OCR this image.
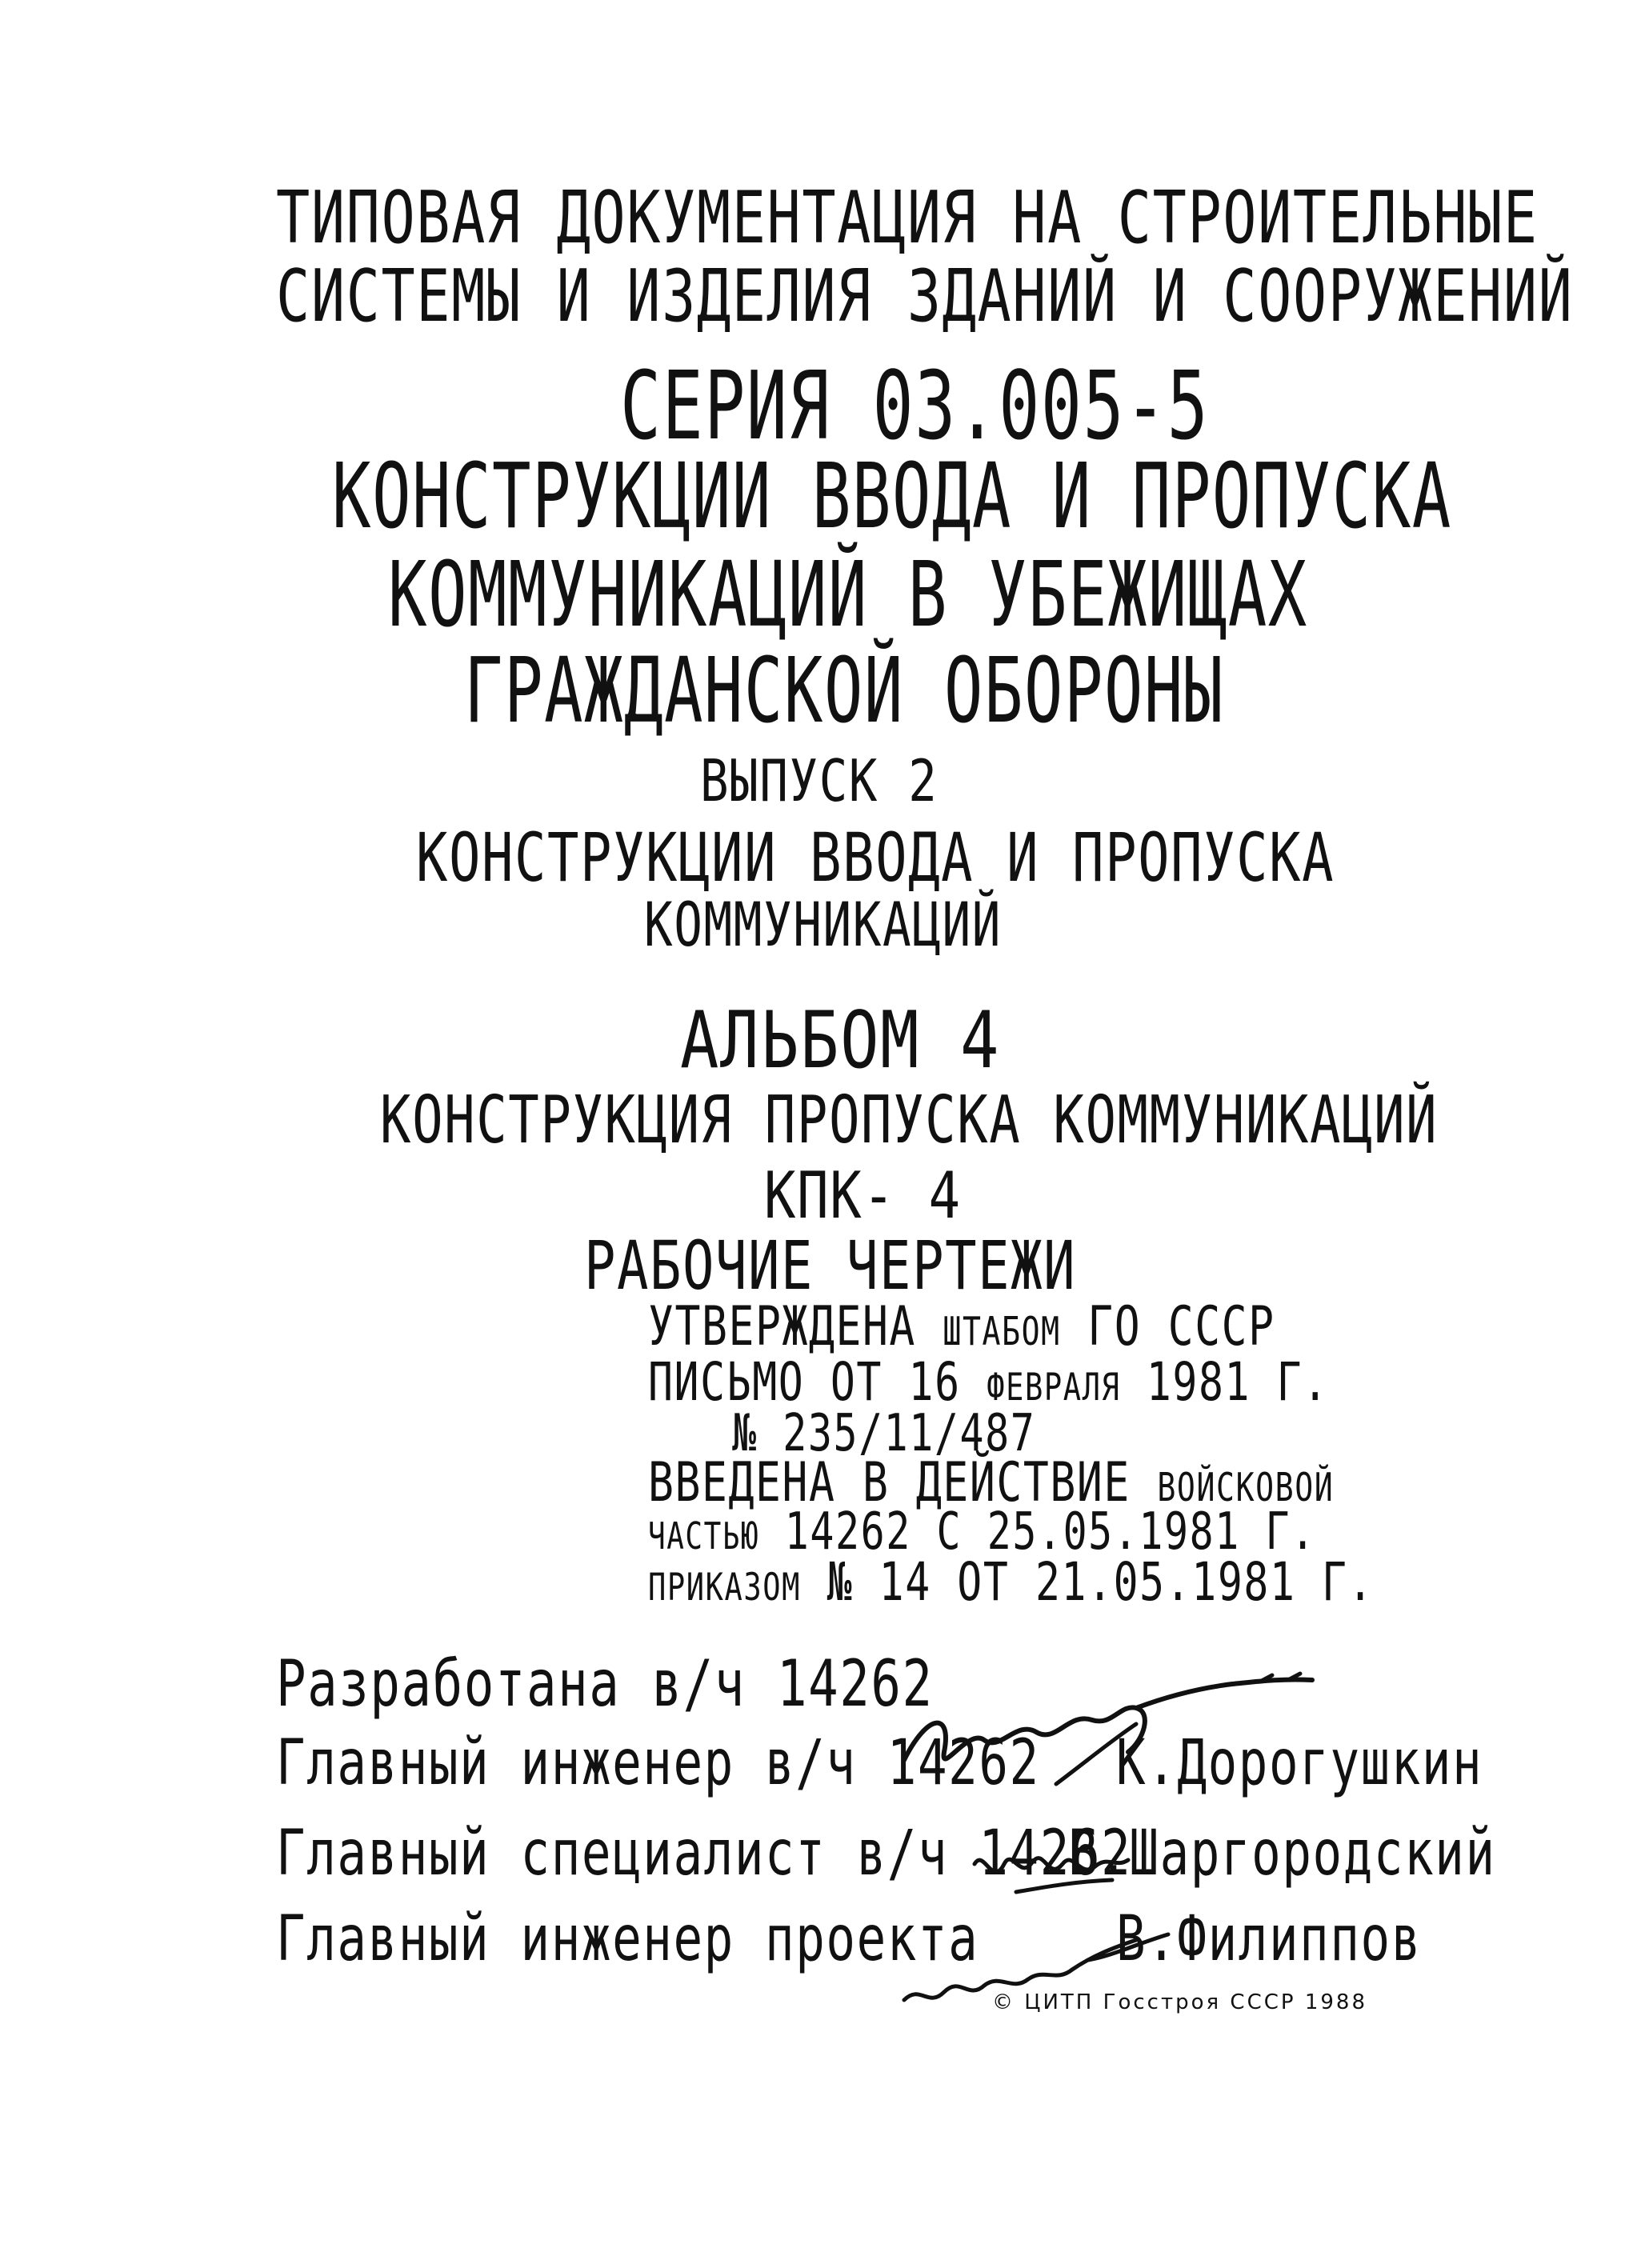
ТИПОВАЯ ДОКУМЕНТАЦИЯ НА СТРОИТЕЛЬНЫЕ
СИСТЕМЫ И ИЗДЕЛИЯ ЗДАНИЙ И СООРУЖЕНИЙ
СЕРИЯ 03.005-5
КОНСТРУКЦИИ ВВОДА И ПРОПУСКА
КОММУНИКАЦИЙ В УБЕЖИЩАХ
ГРАЖДАНСКОЙ ОБОРОНЫ
ВЫПУСК 2
КОНСТРУКЦИИ ВВОДА И ПРОПУСКА
КОММУНИКАЦИЙ
АЛЬБОМ 4
КОНСТРУКЦИЯ ПРОПУСКА КОММУНИКАЦИЙ
КПК- 4
РАБОЧИЕ ЧЕРТЕЖИ
УТВЕРЖДЕНА ШТАБОМ ГО СССР
ПИСЬМО ОТ 16 ФЕВРАЛЯ 1981 Г.
№ 235/11/487
ВВЕДЕНА В ДЕЙСТВИЕ ВОЙСКОВОЙ
ЧАСТЬЮ 14262 С 25.05.1981 Г.
ПРИКАЗОМ № 14 ОТ 21.05.1981 Г.
Разработана в/ч 14262
Главный инженер в/ч 14262 К.Дорогушкин
Главный специалист в/ч 14262
В.Шаргородский
Главный инженер проекта В.Филиппов
© ЦИТП Госстроя СССР 1988
